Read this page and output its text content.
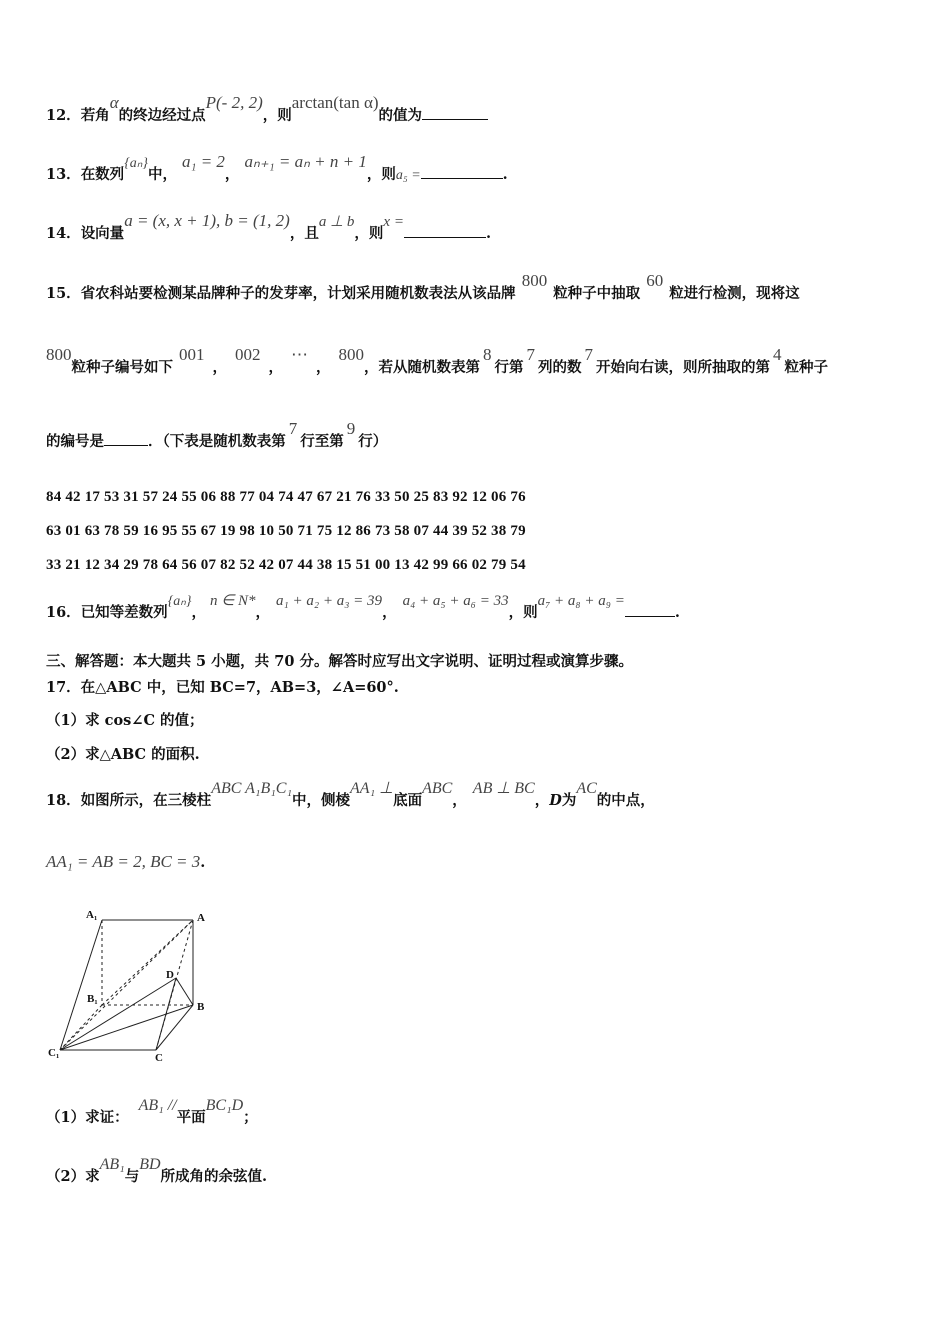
12．若角α的终边经过点P(- 2, 2)，则arctan(tan α)的值为
13．在数列{aₙ}中， a₁ = 2， aₙ₊₁ = aₙ + n + 1，则a₅ =	.
14．设向量a = (x, x + 1), b = (1, 2)，且a ⊥ b，则x =.
15．省农科站要检测某品牌种子的发芽率，计划采用随机数表法从该品牌800粒种子中抽取60粒进行检测，现将这
800粒种子编号如下001，002，⋯，800，若从随机数表第8行第7列的数7开始向右读，则所抽取的第4粒种子
的编号是	．（下表是随机数表第7行至第9行）
84 42 17 53 31 57 24 55 06 88 77 04 74 47 67 21 76 33 50 25 83 92 12 06 76
63 01 63 78 59 16 95 55 67 19 98 10 50 71 75 12 86 73 58 07 44 39 52 38 79
33 21 12 34 29 78 64 56 07 82 52 42 07 44 38 15 51 00 13 42 99 66 02 79 54
16．已知等差数列{aₙ}，n ∈ N*，a₁ + a₂ + a₃ = 39，a₄ + a₅ + a₆ = 33，则a₇ + a₈ + a₉ =.
三、解答题：本大题共 5 小题，共 70 分。解答时应写出文字说明、证明过程或演算步骤。
17．在△ABC 中，已知 BC=7，AB=3，∠A=60°.
（1）求 cos∠C 的值；
（2）求△ABC 的面积.
18．如图所示，在三棱柱ABC A₁B₁C₁中，侧棱AA₁ ⊥底面ABC，AB ⊥ BC，D为AC的中点，
AA₁ = AB = 2, BC = 3.
A₁	A
D
B₁
B
C₁	C
（1）求证：AB₁ //平面BC₁D；
（2）求AB₁与BD所成角的余弦值.
